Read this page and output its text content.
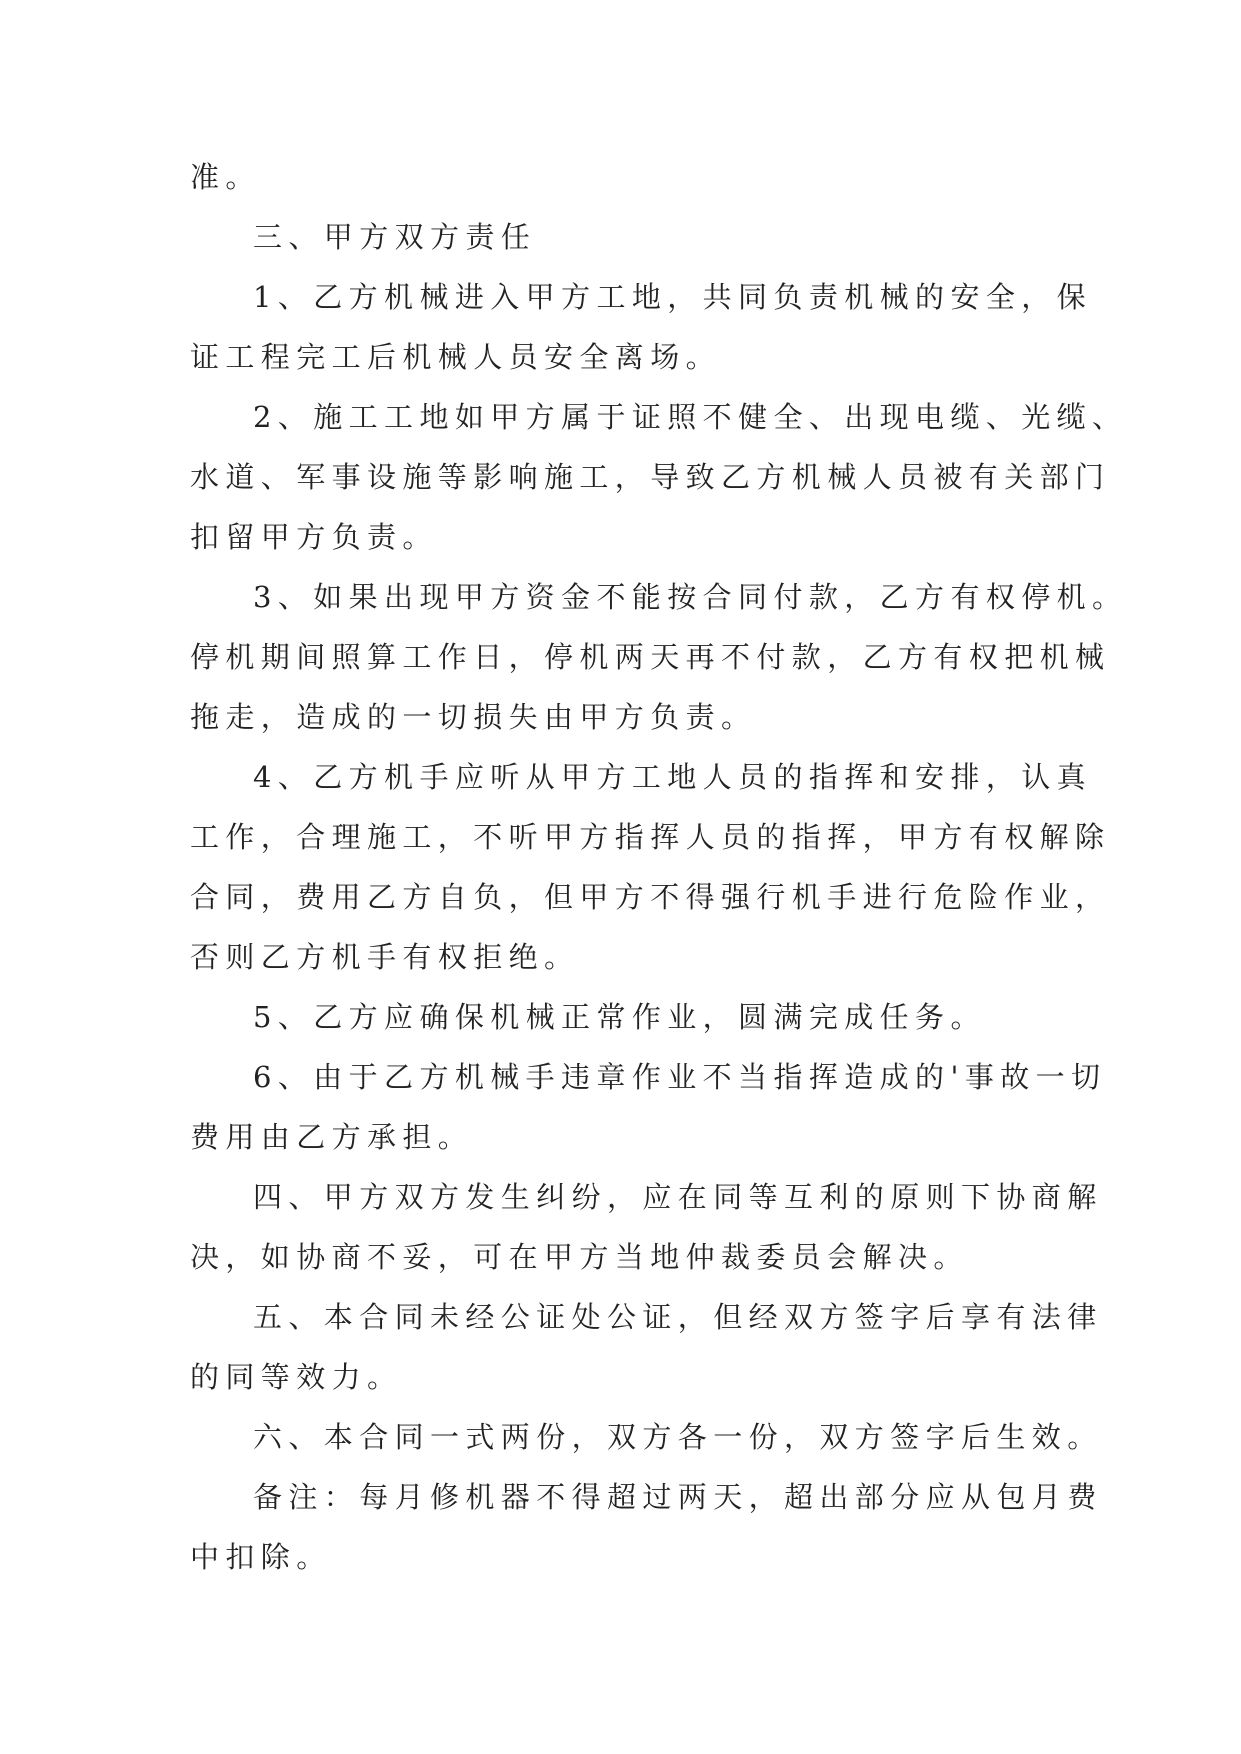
准。
三、甲方双方责任
1、乙方机械进入甲方工地，共同负责机械的安全，保
证工程完工后机械人员安全离场。
2、施工工地如甲方属于证照不健全、出现电缆、光缆、
水道、军事设施等影响施工，导致乙方机械人员被有关部门
扣留甲方负责。
3、如果出现甲方资金不能按合同付款，乙方有权停机。
停机期间照算工作日，停机两天再不付款，乙方有权把机械
拖走，造成的一切损失由甲方负责。
4、乙方机手应听从甲方工地人员的指挥和安排，认真
工作，合理施工，不听甲方指挥人员的指挥，甲方有权解除
合同，费用乙方自负，但甲方不得强行机手进行危险作业，
否则乙方机手有权拒绝。
5、乙方应确保机械正常作业，圆满完成任务。
6、由于乙方机械手违章作业不当指挥造成的'事故一切
费用由乙方承担。
四、甲方双方发生纠纷，应在同等互利的原则下协商解
决，如协商不妥，可在甲方当地仲裁委员会解决。
五、本合同未经公证处公证，但经双方签字后享有法律
的同等效力。
六、本合同一式两份，双方各一份，双方签字后生效。
备注：每月修机器不得超过两天，超出部分应从包月费
中扣除。
